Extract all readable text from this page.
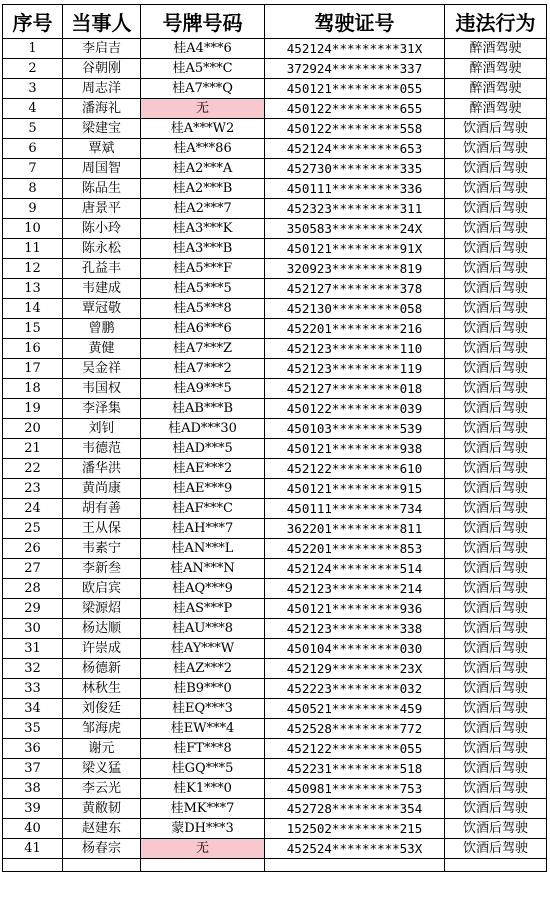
序号	当事人	号牌号码	驾驶证号	违法行为
1	李启吉	桂A4***6	452124*********31X	醉酒驾驶
2	谷朝刚	桂A5***C	372924*********337	醉酒驾驶
3	周志洋	桂A7***Q	450121*********055	醉酒驾驶
4	潘海礼	无	450122*********655	醉酒驾驶
5	梁建宝	桂A***W2	450122*********558	饮酒后驾驶
6	覃斌	桂A***86	452124*********653	饮酒后驾驶
7	周国智	桂A2***A	452730*********335	饮酒后驾驶
8	陈品生	桂A2***B	450111*********336	饮酒后驾驶
9	唐景平	桂A2***7	452323*********311	饮酒后驾驶
10	陈小玲	桂A3***K	350583*********24X	饮酒后驾驶
11	陈永松	桂A3***B	450121*********91X	饮酒后驾驶
12	孔益丰	桂A5***F	320923*********819	饮酒后驾驶
13	韦建成	桂A5***5	452127*********378	饮酒后驾驶
14	覃冠敬	桂A5***8	452130*********058	饮酒后驾驶
15	曾鹏	桂A6***6	452201*********216	饮酒后驾驶
16	黄健	桂A7***Z	452123*********110	饮酒后驾驶
17	吴金祥	桂A7***2	452123*********119	饮酒后驾驶
18	韦国权	桂A9***5	452127*********018	饮酒后驾驶
19	李泽集	桂AB***B	450122*********039	饮酒后驾驶
20	刘钊	桂AD***30	450103*********539	饮酒后驾驶
21	韦德范	桂AD***5	450121*********938	饮酒后驾驶
22	潘华洪	桂AE***2	452122*********610	饮酒后驾驶
23	黄尚康	桂AE***9	450121*********915	饮酒后驾驶
24	胡有善	桂AF***C	450111*********734	饮酒后驾驶
25	王从保	桂AH***7	362201*********811	饮酒后驾驶
26	韦素宁	桂AN***L	452201*********853	饮酒后驾驶
27	李新叁	桂AN***N	452124*********514	饮酒后驾驶
28	欧启宾	桂AQ***9	452123*********214	饮酒后驾驶
29	梁源炤	桂AS***P	450121*********936	饮酒后驾驶
30	杨达顺	桂AU***8	452123*********338	饮酒后驾驶
31	许崇成	桂AY***W	450104*********030	饮酒后驾驶
32	杨德新	桂AZ***2	452129*********23X	饮酒后驾驶
33	林秋生	桂B9***0	452223*********032	饮酒后驾驶
34	刘俊廷	桂EQ***3	450521*********459	饮酒后驾驶
35	邹海虎	桂EW***4	452528*********772	饮酒后驾驶
36	谢元	桂FT***8	452122*********055	饮酒后驾驶
37	梁义猛	桂GQ***5	452231*********518	饮酒后驾驶
38	李云光	桂K1***0	450981*********753	饮酒后驾驶
39	黄敝韧	桂MK***7	452728*********354	饮酒后驾驶
40	赵建东	蒙DH***3	152502*********215	饮酒后驾驶
41	杨春宗	无	452524*********53X	饮酒后驾驶
